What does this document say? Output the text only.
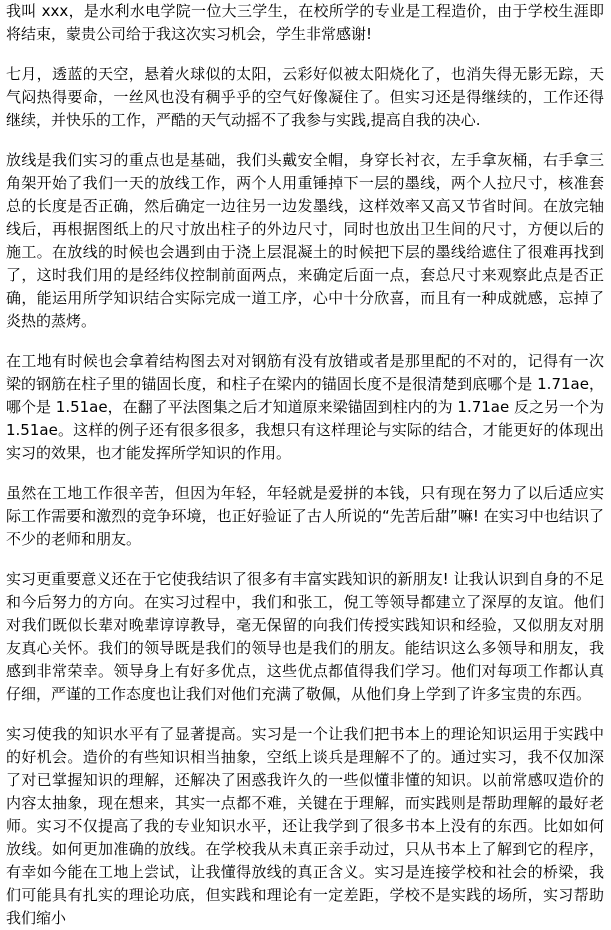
我叫 xxx，是水利水电学院一位大三学生，在校所学的专业是工程造价，由于学校生涯即将结束，蒙贵公司给于我这次实习机会，学生非常感谢!

七月，透蓝的天空，悬着火球似的太阳，云彩好似被太阳烧化了，也消失得无影无踪，天气闷热得要命，一丝风也没有稠乎乎的空气好像凝住了。但实习还是得继续的，工作还得继续，并快乐的工作，严酷的天气动摇不了我参与实践,提高自我的决心.

放线是我们实习的重点也是基础，我们头戴安全帽，身穿长衬衣，左手拿灰桶，右手拿三角架开始了我们一天的放线工作，两个人用重锤掉下一层的墨线，两个人拉尺寸，核准套总的长度是否正确，然后确定一边往另一边发墨线，这样效率又高又节省时间。在放完轴线后，再根据图纸上的尺寸放出柱子的外边尺寸，同时也放出卫生间的尺寸，方便以后的施工。在放线的时候也会遇到由于浇上层混凝土的时候把下层的墨线给遮住了很难再找到了，这时我们用的是经纬仪控制前面两点，来确定后面一点，套总尺寸来观察此点是否正确，能运用所学知识结合实际完成一道工序，心中十分欣喜，而且有一种成就感，忘掉了炎热的蒸烤。

在工地有时候也会拿着结构图去对对钢筋有没有放错或者是那里配的不对的，记得有一次梁的钢筋在柱子里的锚固长度，和柱子在梁内的锚固长度不是很清楚到底哪个是 1.71ae，哪个是 1.51ae，在翻了平法图集之后才知道原来梁锚固到柱内的为 1.71ae 反之另一个为 1.51ae。这样的例子还有很多很多，我想只有这样理论与实际的结合，才能更好的体现出实习的效果，也才能发挥所学知识的作用。

虽然在工地工作很辛苦，但因为年轻，年轻就是爱拼的本钱，只有现在努力了以后适应实际工作需要和激烈的竞争环境，也正好验证了古人所说的“先苦后甜”嘛! 在实习中也结识了不少的老师和朋友。

实习更重要意义还在于它使我结识了很多有丰富实践知识的新朋友! 让我认识到自身的不足和今后努力的方向。在实习过程中，我们和张工，倪工等领导都建立了深厚的友谊。他们对我们既似长辈对晚辈谆谆教导，毫无保留的向我们传授实践知识和经验，又似朋友对朋友真心关怀。我们的领导既是我们的领导也是我们的朋友。能结识这么多领导和朋友，我感到非常荣幸。领导身上有好多优点，这些优点都值得我们学习。他们对每项工作都认真仔细，严谨的工作态度也让我们对他们充满了敬佩，从他们身上学到了许多宝贵的东西。

实习使我的知识水平有了显著提高。实习是一个让我们把书本上的理论知识运用于实践中的好机会。造价的有些知识相当抽象，空纸上谈兵是理解不了的。通过实习，我不仅加深了对已掌握知识的理解，还解决了困惑我许久的一些似懂非懂的知识。以前常感叹造价的内容太抽象，现在想来，其实一点都不难，关键在于理解，而实践则是帮助理解的最好老师。实习不仅提高了我的专业知识水平，还让我学到了很多书本上没有的东西。比如如何放线。如何更加准确的放线。在学校我从未真正亲手动过，只从书本上了解到它的程序，有幸如今能在工地上尝试，让我懂得放线的真正含义。实习是连接学校和社会的桥梁，我们可能具有扎实的理论功底，但实践和理论有一定差距，学校不是实践的场所，实习帮助我们缩小
